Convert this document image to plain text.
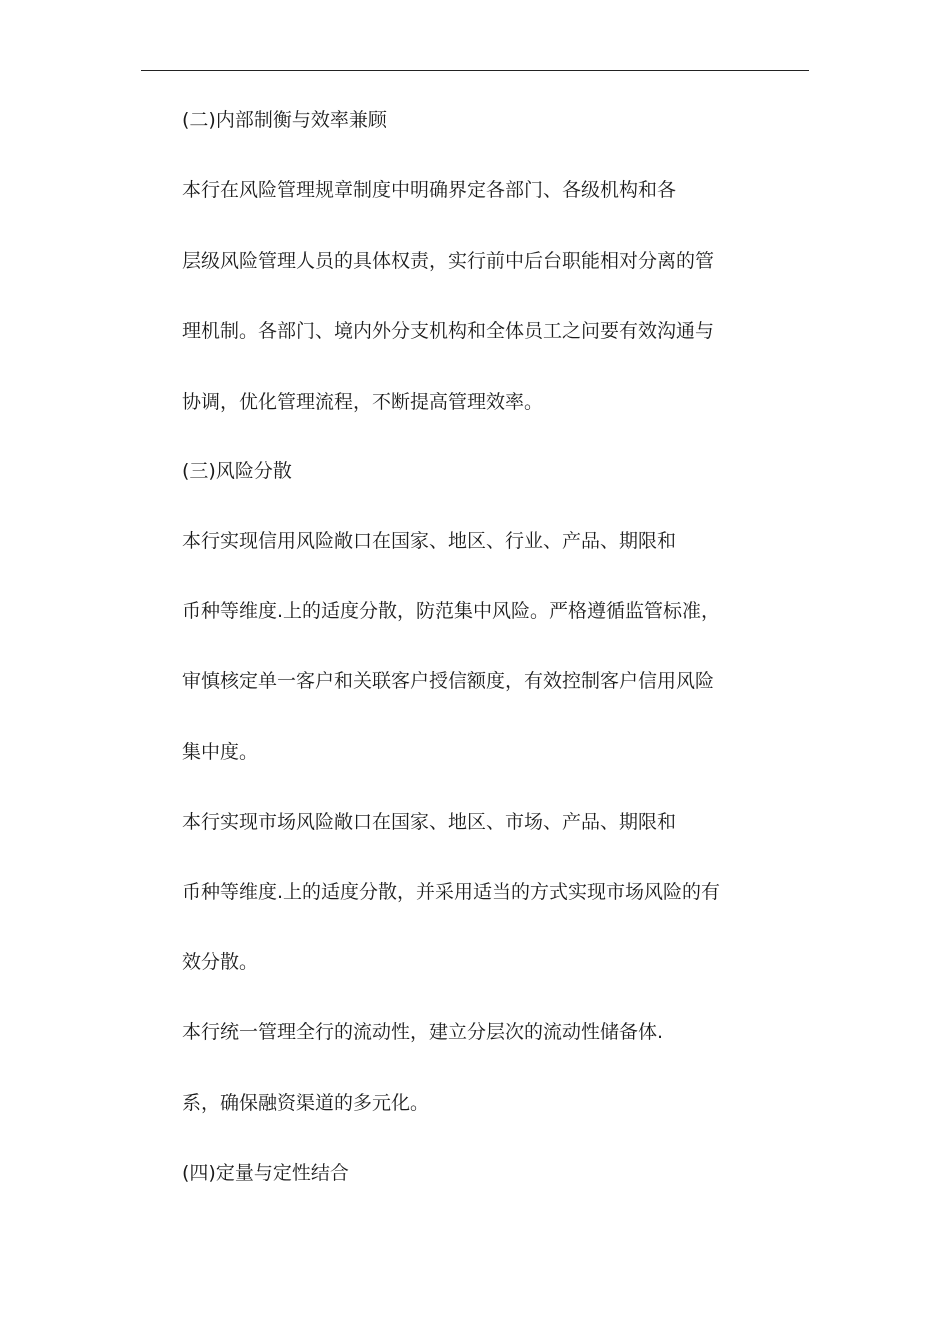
(二)内部制衡与效率兼顾
本行在风险管理规章制度中明确界定各部门、各级机构和各
层级风险管理人员的具体权责，实行前中后台职能相对分离的管
理机制。各部门、境内外分支机构和全体员工之问要有效沟通与
协调，优化管理流程，不断提高管理效率。
(三)风险分散
本行实现信用风险敞口在国家、地区、行业、产品、期限和
币种等维度.上的适度分散，防范集中风险。严格遵循监管标准，
审慎核定单一客户和关联客户授信额度，有效控制客户信用风险
集中度。
本行实现市场风险敞口在国家、地区、市场、产品、期限和
币种等维度.上的适度分散，并采用适当的方式实现市场风险的有
效分散。
本行统一管理全行的流动性，建立分层次的流动性储备体.
系，确保融资渠道的多元化。
(四)定量与定性结合
